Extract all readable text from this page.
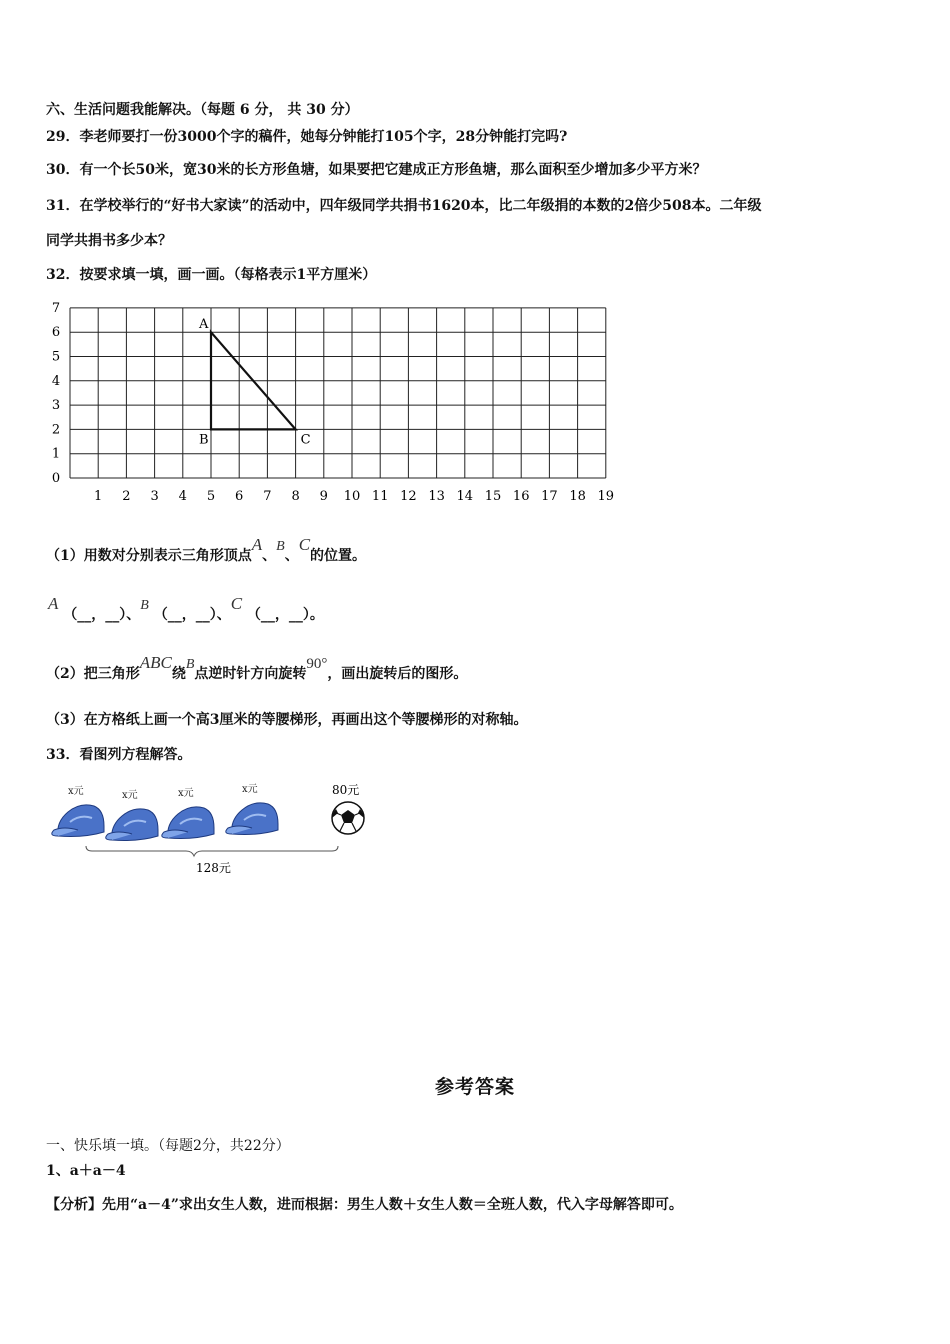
六、生活问题我能解决。（每题 6 分， 共 30 分）
29．李老师要打一份3000个字的稿件，她每分钟能打105个字，28分钟能打完吗?
30．有一个长50米，宽30米的长方形鱼塘，如果要把它建成正方形鱼塘，那么面积至少增加多少平方米？
31．在学校举行的“好书大家读”的活动中，四年级同学共捐书1620本，比二年级捐的本数的2倍少508本。二年级
同学共捐书多少本？
32．按要求填一填，画一画。（每格表示1平方厘米）
1 2 3 4 5 6 7 8 9 10 11 12 13 14 15 16 17 18 19
0
1
2
3
4
5
6
7
A
B	C
（1）用数对分别表示三角形顶点A、B、C的位置。
A （__，__）、B （__，__）、C （__，__）。
（2）把三角形ABC绕B点逆时针方向旋转90°，画出旋转后的图形。
（3）在方格纸上画一个高3厘米的等腰梯形，再画出这个等腰梯形的对称轴。
33．看图列方程解答。
x元	x元	x元	x元	80元
128元
参考答案
一、快乐填一填。（每题2分，共22分）
1、a＋a－4
【分析】先用“a－4”求出女生人数，进而根据：男生人数＋女生人数＝全班人数，代入字母解答即可。
